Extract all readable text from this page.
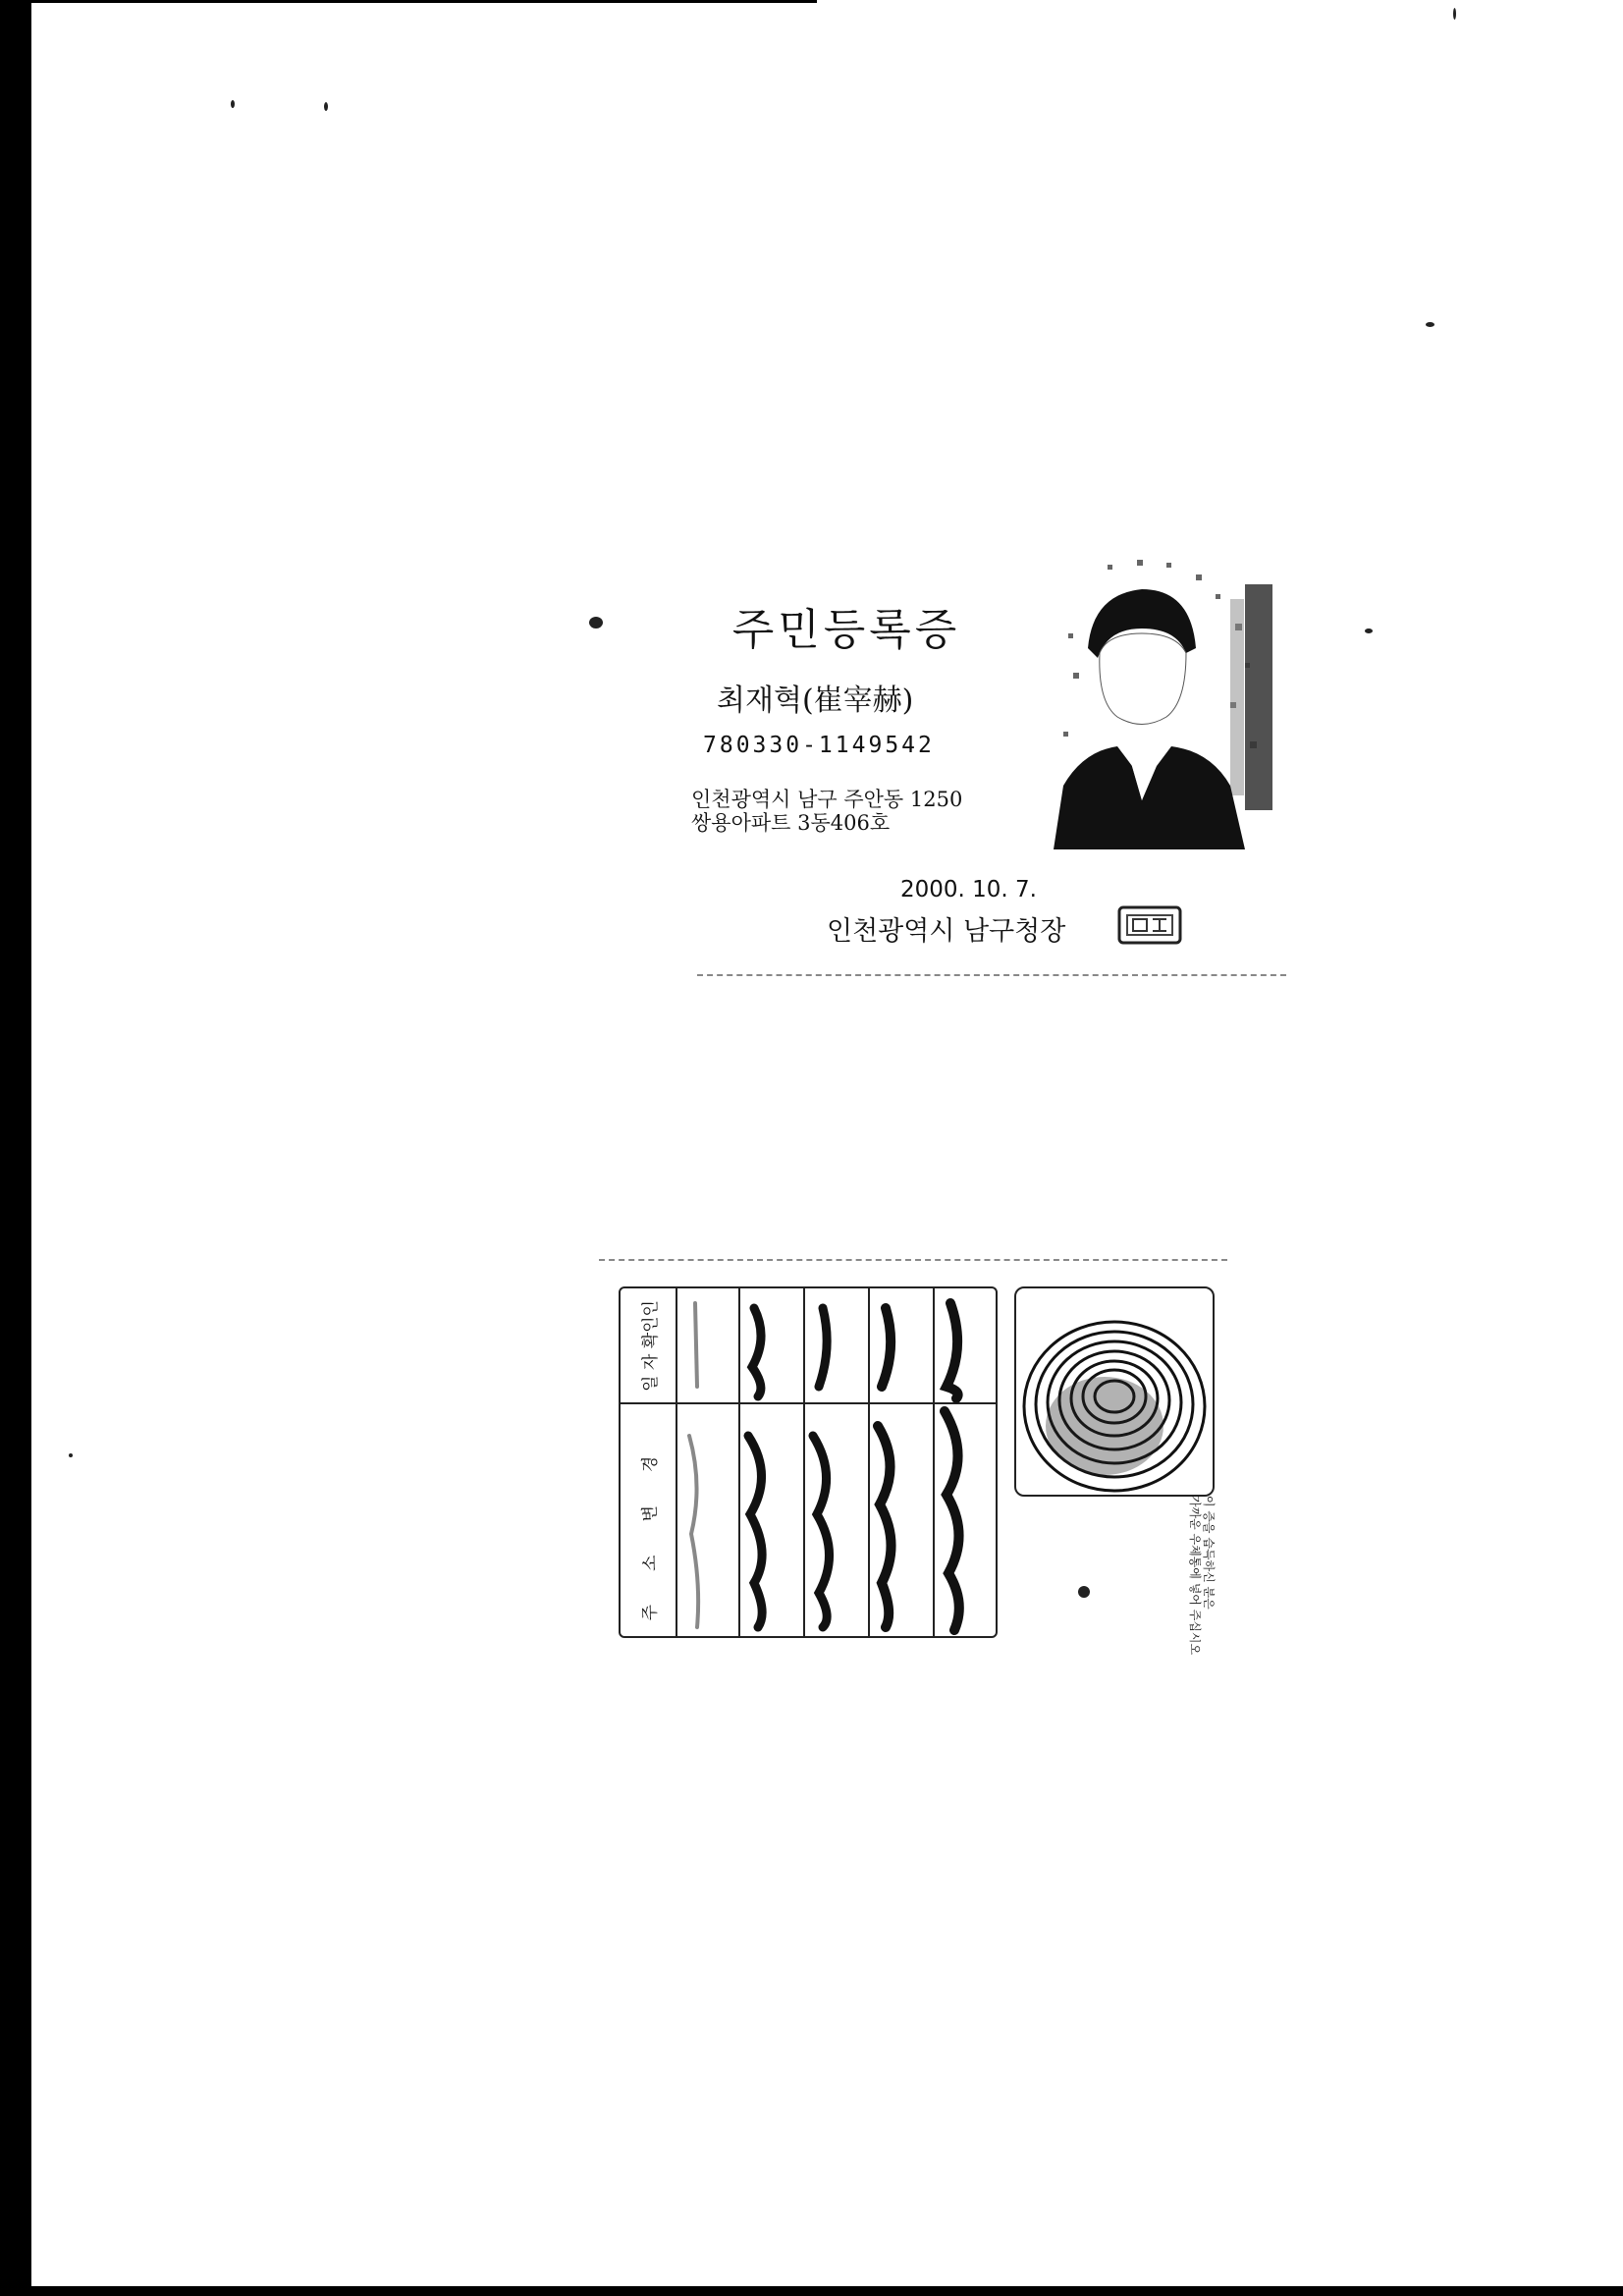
주민등록증
최재혁(崔宰赫)
780330-1149542
인천광역시 남구 주안동 1250
쌍용아파트 3동406호
2000. 10. 7.
인천광역시 남구청장
일 자 확인인
주소변경	이 증을 습득하신 분은
가까운 우체통에 넣어 주십시오
